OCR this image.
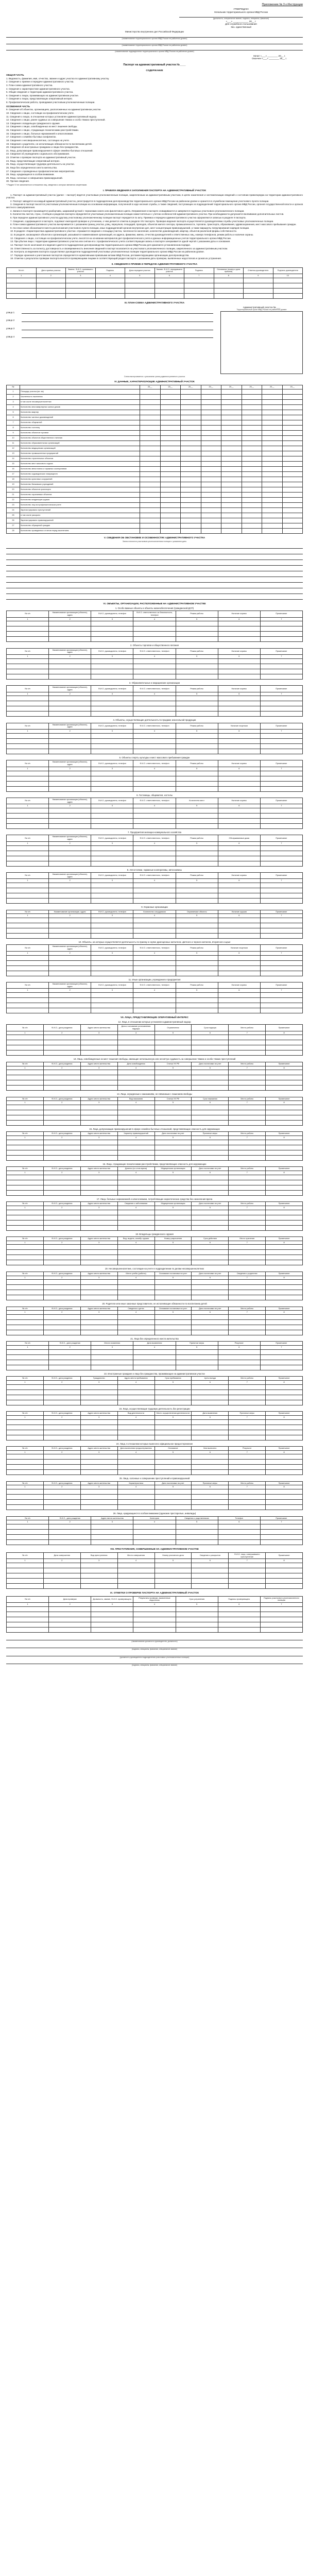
Приложение № 3 к Инструкции
УТВЕРЖДАЮ
Начальник территориального органа МВД России
(должность, специальное звание, подпись, инициалы, фамилия)
«___» ____________ 20__ г.
Для служебного пользования
Экз. единственный
Министерство внутренних дел Российской Федерации
(наименование территориального органа МВД России на районном уровне)
(наименование территориального органа МВД России на районном уровне)
(наименование подразделения территориального органа МВД России на районном уровне)
Начат «___» ________ 20__ г.
Окончен «___» ________ 20__ г.
Паспорт на административный участок №____
СОДЕРЖАНИЕ
ОБЩАЯ ЧАСТЬ

1. Ведомость, фамилия, имя, отчество, звание и адрес участка по административному участку.

2. Сведения о приеме и передаче административного участка.

3. План-схема административного участка.

4. Сведения о характеристике административного участка.

5. Общие сведения о территории административного участка.

6. Сведения о лицах, проживающих на административном участке.

7. Сведения о лицах, представляющих оперативный интерес.

8. Профилактическая работа, проводимая участковым уполномоченным полиции.

ОСОБЕННАЯ ЧАСТЬ

9. Сведения об объектах, организациях, расположенных на административном участке.

10. Сведения о лицах, состоящих на профилактическом учете.

11. Сведения о лицах, в отношении которых установлен административный надзор.

12. Сведения о лицах, ранее судимых за совершение тяжких и особо тяжких преступлений.

13. Сведения о владельцах гражданского оружия.

14. Сведения о лицах, освобожденных из мест лишения свободы.

15. Сведения о лицах, страдающих психическими расстройствами.

16. Сведения о лицах, больных наркоманией и алкоголизмом.

17. Сведения о семейно-бытовых конфликтах.

18. Сведения о несовершеннолетних, состоящих на учете.

19. Сведения о родителях, не исполняющих обязанности по воспитанию детей.

20. Сведения об иностранных гражданах и лицах без гражданства.

21. Лица, допускающие правонарушения в сфере семейно-бытовых отношений.

22. Сведения об учреждениях социального обслуживания.

23. Отметки о проверке паспорта на административный участок.

24. Лица, представляющие оперативный интерес.

25. Лица, осуществляющие трудовую деятельность на участке.

26. Лица без определенного места жительства.

27. Сведения о проведенных профилактических мероприятиях.

28. Лица, нуждающиеся в особом внимании.

29. Лица, склонные к совершению правонарушений.

30. Прочие сведения.

* Раздел VI не заполняется в отношении лиц, сведения о которых являются секретными.
I. ПРАВИЛА ВЕДЕНИЯ И ЗАПОЛНЕНИЯ ПАСПОРТА НА АДМИНИСТРАТИВНЫЙ УЧАСТОК

1. Паспорт на административный участок (далее – паспорт) ведется участковым уполномоченным полиции, закрепленным за административным участком, в целях накопления и систематизации сведений о состоянии правопорядка на территории административного участка.

2. Паспорт заводится на каждый административный участок, регистрируется в подразделении делопроизводства территориального органа МВД России на районном уровне и хранится в служебном помещении участкового пункта полиции.

3. Сведения в паспорт вносятся участковым уполномоченным полиции на основании информации, полученной в ходе несения службы, а также сведений, поступающих из подразделений территориального органа МВД России, органов государственной власти и органов местного самоуправления.

4. Записи в паспорте производятся разборчиво, шариковой ручкой с чернилами синего или фиолетового цвета. Исправления в паспорте оговариваются и заверяются подписью участкового уполномоченного полиции.

5. Количество листов, строк, столбцов и разделов паспорта определяется участковым уполномоченным полиции самостоятельно с учетом особенностей административного участка. При необходимости допускается вклеивание дополнительных листов.

6. При передаче административного участка другому участковому уполномоченному полиции паспорт передается по акту. Приемка и передача административного участка оформляются записью в разделе II паспорта.

7. Сведения, содержащиеся в паспорте, подлежат ежегодной проверке и уточнению, о чем делается отметка в разделе XIV паспорта. Проверка ведения паспорта осуществляется руководителями службы участковых уполномоченных полиции.

8. План-схема административного участка вычерчивается с указанием границ участка, улиц, переулков, площадей, проездов, объектов жилого сектора, промышленности, торговли, транспорта, образования, здравоохранения, мест массового пребывания граждан.

9. На план-схеме обозначаются места расположения участкового пункта полиции, иных подразделений органов внутренних дел, мест концентрации правонарушений, а также маршруты патрулирования нарядов полиции.

10. В разделе «Характеристика административного участка» отражаются сведения о площади участка, численности населения, количестве домовладений, квартир, объектов различной формы собственности.

11. В разделе, касающемся объектов и организаций, указываются наименования организаций, их адреса, фамилии, имена, отчества руководителей и ответственных лиц, номера телефонов, режим работы и наличие охраны.

12. Сведения о лицах, состоящих на профилактическом учете, вносятся на основании материалов дел профилактического учета и данных информационных учетов территориального органа МВД России.

13. При убытии лица с территории административного участка или снятии его с профилактического учета соответствующая запись в паспорте зачеркивается одной чертой с указанием даты и основания.

14. Паспорт после окончания его ведения сдается в подразделение делопроизводства территориального органа МВД России для хранения в установленном порядке.

15. Ответственность за полноту, достоверность и своевременность внесения сведений в паспорт возлагается на участкового уполномоченного полиции, закрепленного за административным участком.

16. Контроль за ведением паспорта осуществляют руководители подразделений участковых уполномоченных полиции территориального органа МВД России на районном уровне.

17. Порядок хранения и уничтожения паспортов определяется нормативными правовыми актами МВД России, регламентирующими организацию делопроизводства.

18. Отметки о результатах проверки паспорта вносятся проверяющими лицами в соответствующий раздел паспорта с указанием даты проверки, выявленных недостатков и сроков их устранения.

II. СВЕДЕНИЯ О ПРИЕМЕ И ПЕРЕДАЧЕ АДМИНИСТРАТИВНОГО УЧАСТКА
№ п/п	Дата приема участка	Звание, Ф.И.О. принявшего участок	Подпись	Дата передачи участка	Звание, Ф.И.О. передавшего участок	Подпись	Основание (номер и дата приказа)	Отметка руководителя	Подпись руководителя
1	2	3	4	5	6	7	8	9	10

III. ПЛАН-СХЕМА АДМИНИСТРАТИВНОГО УЧАСТКА
улица 1
улица 2
улица 3
улица 4
Административный участок № ___
Территориальный орган МВД России на районном уровне
Схема вычерчивается с указанием границ административного участка
IV. ДАННЫЕ, ХАРАКТЕРИЗУЮЩИЕ АДМИНИСТРАТИВНЫЙ УЧАСТОК
№		20__	20__	20__	20__	20__	20__	20__	20__
1	Площадь участка (кв. км)								
2	Численность населения								
3	в том числе несовершеннолетних								
4	Количество многоквартирных жилых домов								
5	Количество квартир								
6	Количество частных домовладений								
7	Количество общежитий								
8	Количество гостиниц								
9	Количество объектов торговли								
10	Количество объектов общественного питания								
11	Количество образовательных организаций								
12	Количество медицинских организаций								
13	Количество промышленных предприятий								
14	Количество строительных объектов								
15	Количество мест массового отдыха								
16	Количество автостоянок и гаражных кооперативов								
17	Количество садоводческих товариществ								
18	Количество культовых сооружений								
19	Количество банковских учреждений								
20	Количество объектов транспорта								
21	Количество охраняемых объектов								
22	Количество владельцев оружия								
23	Количество лиц на профилактическом учете								
24	Зарегистрировано преступлений								
25	в том числе раскрыто								
26	Зарегистрировано правонарушений								
27	Количество обращений граждан								
28	Количество проведенных отчетов перед населением								
V. СВЕДЕНИЯ ОБ ОБСТАНОВКЕ И ОСОБЕННОСТЯХ АДМИНИСТРАТИВНОГО УЧАСТКА
Записи вносятся участковым уполномоченным полиции с указанием даты
VI. ОБЪЕКТЫ, ОРГАНИЗАЦИИ, РАСПОЛОЖЕННЫЕ НА АДМИНИСТРАТИВНОМ УЧАСТКЕ
1. Особо важные объекты и объекты жизнеобеспечения (гражданской ДСП)
№ п/п	Наименование организации (объекта), адрес	Ф.И.О. руководителя, телефон	Ф.И.О. ответственного за безопасность, телефон	Режим работы	Наличие охраны	Примечание
1	2	3	4	5	6	7

2. Объекты торговли и общественного питания
№ п/п	Наименование организации (объекта), адрес	Ф.И.О. руководителя, телефон	Ф.И.О. ответственного, телефон	Режим работы	Наличие охраны	Примечание
1	2	3	4	5	6	7

3. Образовательные и медицинские организации
№ п/п	Наименование организации (объекта), адрес	Ф.И.О. руководителя, телефон	Ф.И.О. ответственного, телефон	Режим работы	Наличие охраны	Примечание
1	2	3	4	5	6	7

4. Объекты, осуществляющие деятельность по продаже алкогольной продукции
№ п/п	Наименование организации (объекта), адрес	Ф.И.О. руководителя, телефон	Ф.И.О. ответственного, телефон	Режим работы	Наличие лицензии	Примечание
1	2	3	4	5	6	7

5. Объекты спорта, культуры и мест массового пребывания граждан
№ п/п	Наименование организации (объекта), адрес	Ф.И.О. руководителя, телефон	Ф.И.О. ответственного, телефон	Режим работы	Наличие охраны	Примечание
1	2	3	4	5	6	7

6. Гостиницы, общежития, хостелы
№ п/п	Наименование организации (объекта), адрес	Ф.И.О. руководителя, телефон	Ф.И.О. ответственного, телефон	Количество мест	Наличие охраны	Примечание
1	2	3	4	5	6	7

7. Предприятия жилищно-коммунального хозяйства
№ п/п	Наименование организации (объекта), адрес	Ф.И.О. руководителя, телефон	Ф.И.О. ответственного, телефон	Режим работы	Обслуживаемые дома	Примечание
1	2	3	4	5	6	7

8. Автостоянки, гаражные кооперативы, автосервисы
№ п/п	Наименование организации (объекта), адрес	Ф.И.О. руководителя, телефон	Ф.И.О. ответственного, телефон	Режим работы	Наличие охраны	Примечание
1	2	3	4	5	6	7

9. Охранные организации
№ п/п	Наименование организации, адрес	Ф.И.О. руководителя, телефон	Количество сотрудников	Охраняемые объекты	Наличие оружия	Примечание
1	2	3	4	5	6	7

10. Объекты, на которых осуществляется деятельность по приему и скупке драгоценных металлов, цветного и черного металла, вторичного сырья
№ п/п	Наименование организации (объекта), адрес	Ф.И.О. руководителя, телефон	Ф.И.О. ответственного, телефон	Режим работы	Наличие лицензии	Примечание
1	2	3	4	5	6	7

11. Иные организации, учреждения и предприятия
№ п/п	Наименование организации (объекта), адрес	Ф.И.О. руководителя, телефон	Ф.И.О. ответственного, телефон	Режим работы	Наличие охраны	Примечание
1	2	3	4	5	6	7

VII. ЛИЦА, ПРЕДСТАВЛЯЮЩИЕ ОПЕРАТИВНЫЙ ИНТЕРЕС
12. Лица, в отношении которых установлен административный надзор
№ п/п	Ф.И.О., дата рождения	Адрес места жительства	Дата и основание установления надзора	Ограничения	Срок надзора	Место работы	Примечание
1	2	3	4	5	6	7	8

13. Лица, освобожденные из мест лишения свободы, имеющие непогашенную или неснятую судимость за совершение тяжких и особо тяжких преступлений
№ п/п	Ф.И.О., дата рождения	Адрес места жительства	Дата освобождения	Статья УК РФ	Дата постановки на учет	Место работы	Примечание
1	2	3	4	5	6	7	8

14. Лица, осужденные к наказаниям, не связанным с лишением свободы
№ п/п	Ф.И.О., дата рождения	Адрес места жительства	Вид наказания	Статья УК РФ	Срок наказания	Место работы	Примечание
1	2	3	4	5	6	7	8

15. Лица, допускающие правонарушения в сфере семейно-бытовых отношений, представляющие опасность для окружающих
№ п/п	Ф.И.О., дата рождения	Адрес места жительства	Характер правонарушений	Дата постановки на учет	Принятые меры	Место работы	Примечание
1	2	3	4	5	6	7	8

16. Лица, страдающие психическими расстройствами, представляющие опасность для окружающих
№ п/п	Ф.И.О., дата рождения	Адрес места жительства	Диагноз (со слов врача)	Медицинская организация	Дата постановки на учет	Место работы	Примечание
1	2	3	4	5	6	7	8

17. Лица, больные наркоманией и алкоголизмом, потребляющие наркотические средства без назначения врача
№ п/п	Ф.И.О., дата рождения	Адрес места жительства	Сведения о заболевании	Медицинская организация	Дата постановки на учет	Место работы	Примечание
1	2	3	4	5	6	7	8

18. Владельцы гражданского оружия
№ п/п	Ф.И.О., дата рождения	Адрес места жительства	Вид, модель, калибр оружия	Номер разрешения	Срок действия	Место хранения	Примечание
1	2	3	4	5	6	7	8

19. Несовершеннолетние, состоящие на учете в подразделении по делам несовершеннолетних
№ п/п	Ф.И.О., дата рождения	Адрес места жительства	Место учебы (работы)	Основание постановки на учет	Дата постановки на учет	Сведения о родителях	Примечание
1	2	3	4	5	6	7	8

20. Родители или иные законные представители, не исполняющие обязанности по воспитанию детей
№ п/п	Ф.И.О., дата рождения	Адрес места жительства	Сведения о детях	Основание постановки на учет	Дата постановки на учет	Место работы	Примечание
1	2	3	4	5	6	7	8

21. Лица без определенного места жительства
№ п/п	Ф.И.О., дата рождения	Места появления	Дата выявления	Принятые меры	Результат	Примечание
1	2	3	4	5	6	7

22. Иностранные граждане и лица без гражданства, проживающие на административном участке
№ п/п	Ф.И.О., дата рождения	Гражданство	Адрес места пребывания	Срок пребывания	Цель въезда	Место работы	Примечание
1	2	3	4	5	6	7	8

23. Лица, осуществляющие трудовую деятельность без регистрации
№ п/п	Ф.И.О., дата рождения	Адрес места жительства	Вид деятельности	Место осуществления деятельности	Дата выявления	Принятые меры	Примечание
1	2	3	4	5	6	7	8

24. Лица, в отношении которых вынесено официальное предостережение
№ п/п	Ф.И.О., дата рождения	Адрес места жительства	Дата вынесения предостережения	Основание	Кем вынесено	Результат	Примечание
1	2	3	4	5	6	7	8

25. Лица, склонные к совершению преступлений и правонарушений
№ п/п	Ф.И.О., дата рождения	Адрес места жительства	Характеристика	Дата постановки на учет	Принятые меры	Место работы	Примечание
1	2	3	4	5	6	7	8

26. Лица, нуждающиеся в особом внимании (одинокие престарелые, инвалиды)
№ п/п	Ф.И.О., дата рождения	Адрес места жительства	Категория	Сведения о родственниках	Телефон	Примечание
1	2	3	4	5	6	7

VIII. ПРЕСТУПЛЕНИЯ, СОВЕРШЕННЫЕ НА АДМИНИСТРАТИВНОМ УЧАСТКЕ
№ п/п	Дата совершения	Вид преступления	Место совершения	Номер уголовного дела	Сведения о раскрытии	Ф.И.О. лица, совершившего преступление	Примечание
1	2	3	4	5	6	7	8

IX. ОТМЕТКИ О ПРОВЕРКЕ ПАСПОРТА НА АДМИНИСТРАТИВНЫЙ УЧАСТОК
№ п/п	Дата проверки	Должность, звание, Ф.И.О. проверяющего	Результаты проверки, выявленные недостатки	Срок устранения	Подпись проверяющего	Подпись участкового уполномоченного полиции
1	2	3	4	5	6	7

(наименование должности руководителя, должность)
(подпись, инициалы, фамилия, специальное звание)
(должность руководителя подразделения участковых уполномоченных полиции)
(подпись, инициалы, фамилия, специальное звание)
